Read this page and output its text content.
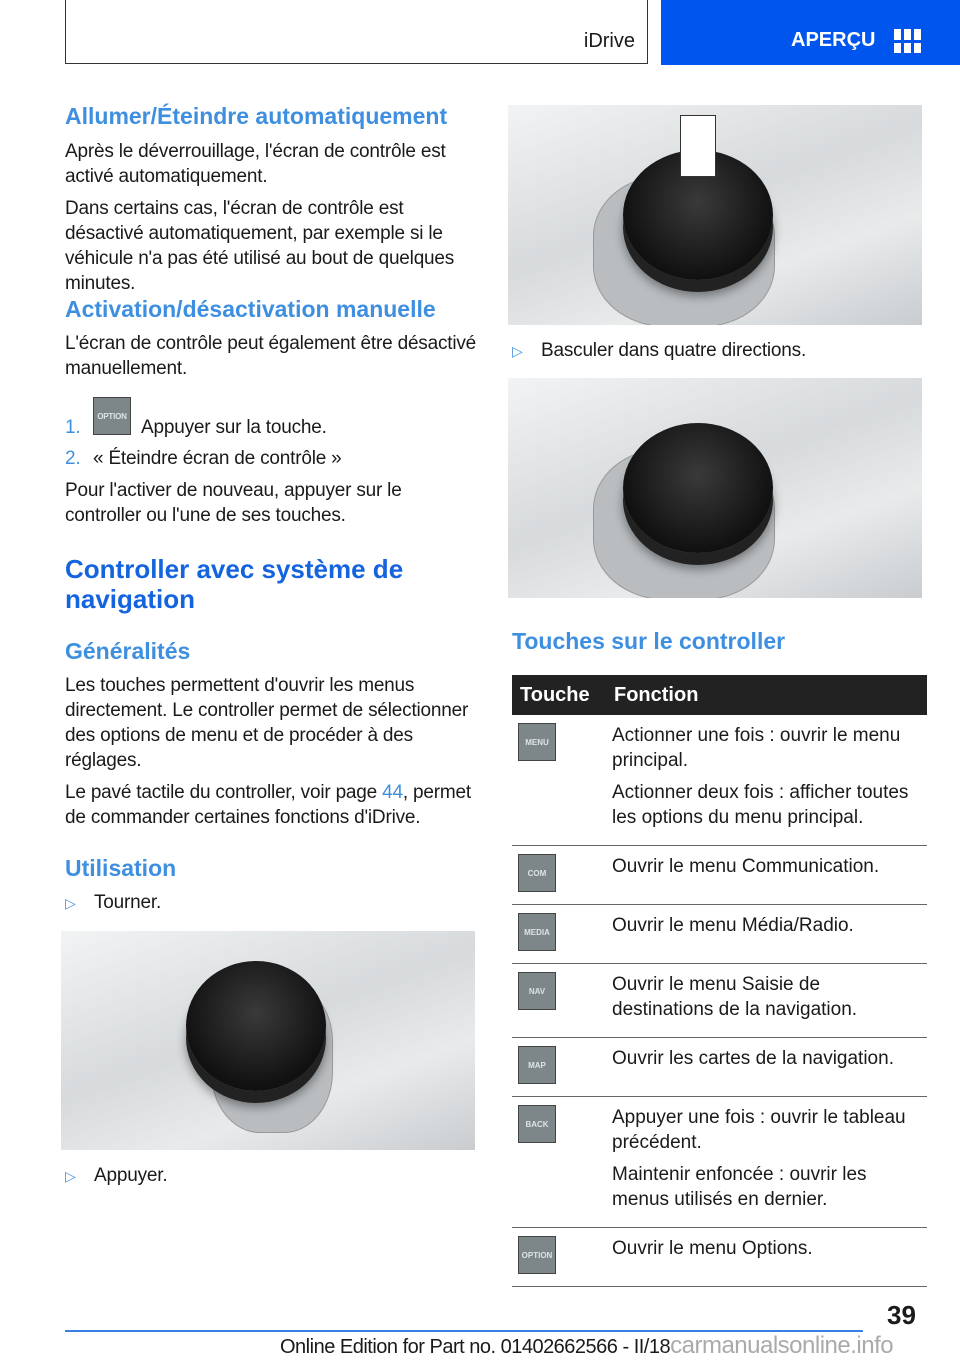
iDrive	APERÇU
Allumer/Éteindre automatiquement
Après le déverrouillage, l'écran de contrôle est activé automatiquement.
Dans certains cas, l'écran de contrôle est désactivé automatiquement, par exemple si le véhicule n'a pas été utilisé au bout de quelques minutes.
Activation/désactivation manuelle
L'écran de contrôle peut également être désactivé manuellement.
1.
OPTION
Appuyer sur la touche.
2. « Éteindre écran de contrôle »
Pour l'activer de nouveau, appuyer sur le controller ou l'une de ses touches.
Controller avec système de navigation
Généralités
Les touches permettent d'ouvrir les menus directement. Le controller permet de sélectionner des options de menu et de procéder à des réglages.
Le pavé tactile du controller, voir page 44, permet de commander certaines fonctions d'iDrive.
Utilisation
▷ Tourner.
▷ Appuyer.
▷ Basculer dans quatre directions.
Touches sur le controller
Touche	Fonction
MENU	Actionner une fois : ouvrir le menu principal.

Actionner deux fois : afficher toutes les options du menu principal.

COM	Ouvrir le menu Communication.

MEDIA	Ouvrir le menu Média/Radio.

NAV	Ouvrir le menu Saisie de destinations de la navigation.

MAP	Ouvrir les cartes de la navigation.

BACK	Appuyer une fois : ouvrir le tableau précédent.

Maintenir enfoncée : ouvrir les menus utilisés en dernier.

OPTION	Ouvrir le menu Options.

39
Online Edition for Part no. 01402662566 - II/18carmanualsonline.info
